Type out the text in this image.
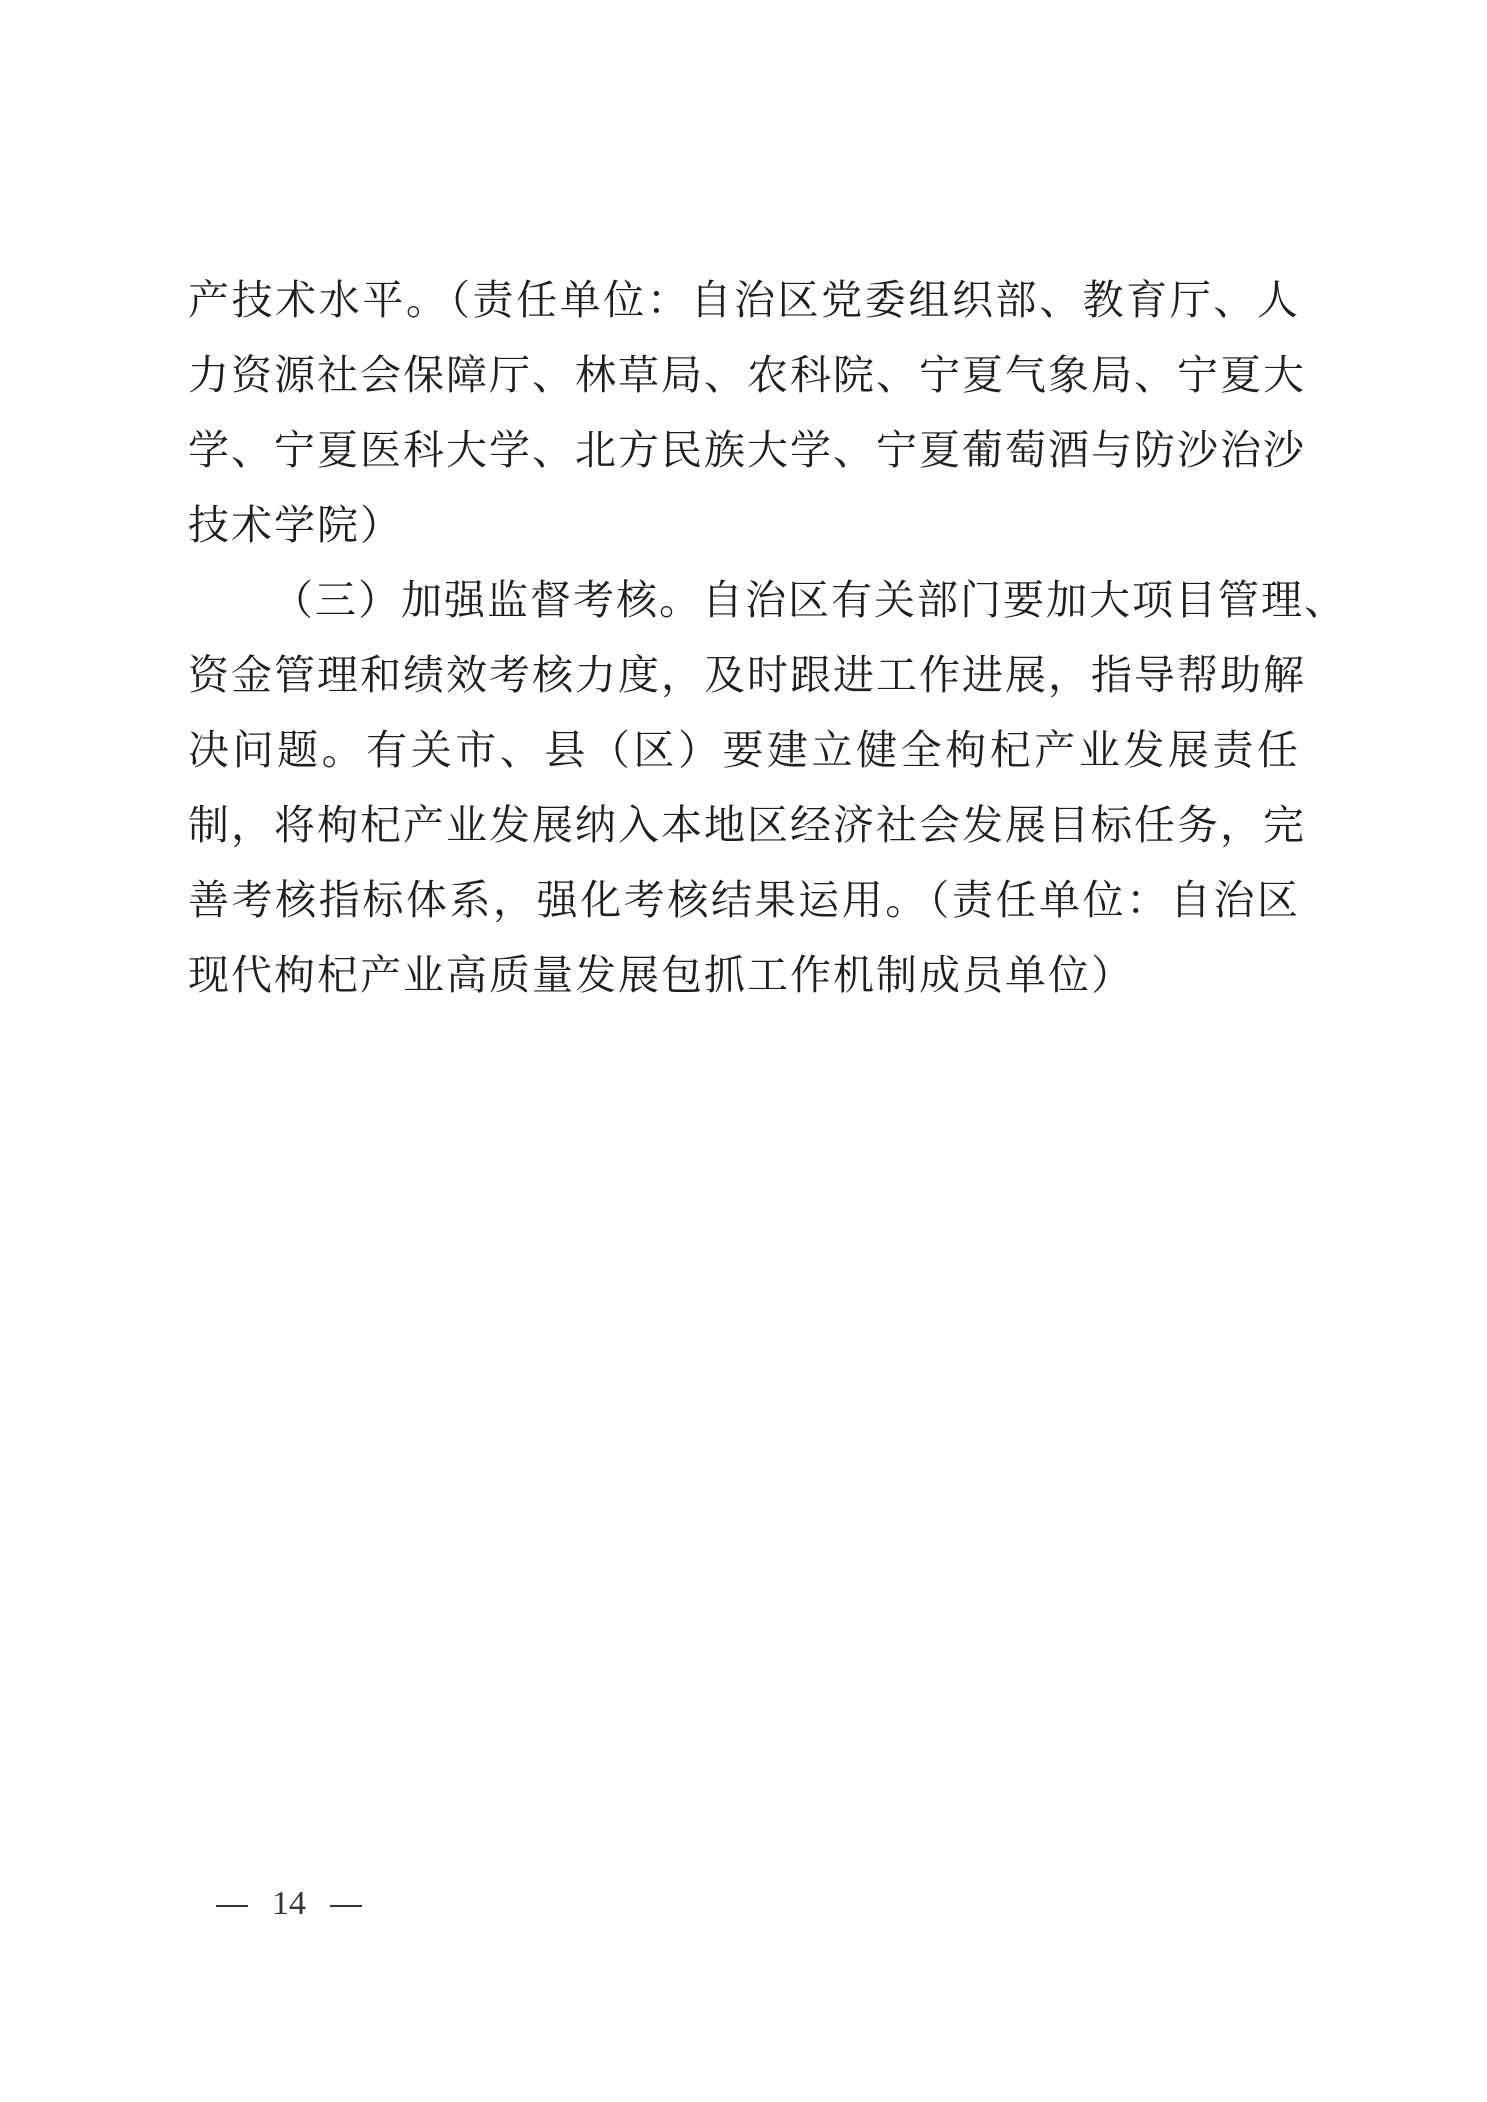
产技术水平。（责任单位：自治区党委组织部、教育厅、人
力资源社会保障厅、林草局、农科院、宁夏气象局、宁夏大
学、宁夏医科大学、北方民族大学、宁夏葡萄酒与防沙治沙
技术学院）
（三）加强监督考核。自治区有关部门要加大项目管理、
资金管理和绩效考核力度，及时跟进工作进展，指导帮助解
决问题。有关市、县（区）要建立健全枸杞产业发展责任
制，将枸杞产业发展纳入本地区经济社会发展目标任务，完
善考核指标体系，强化考核结果运用。（责任单位：自治区
现代枸杞产业高质量发展包抓工作机制成员单位）
14
